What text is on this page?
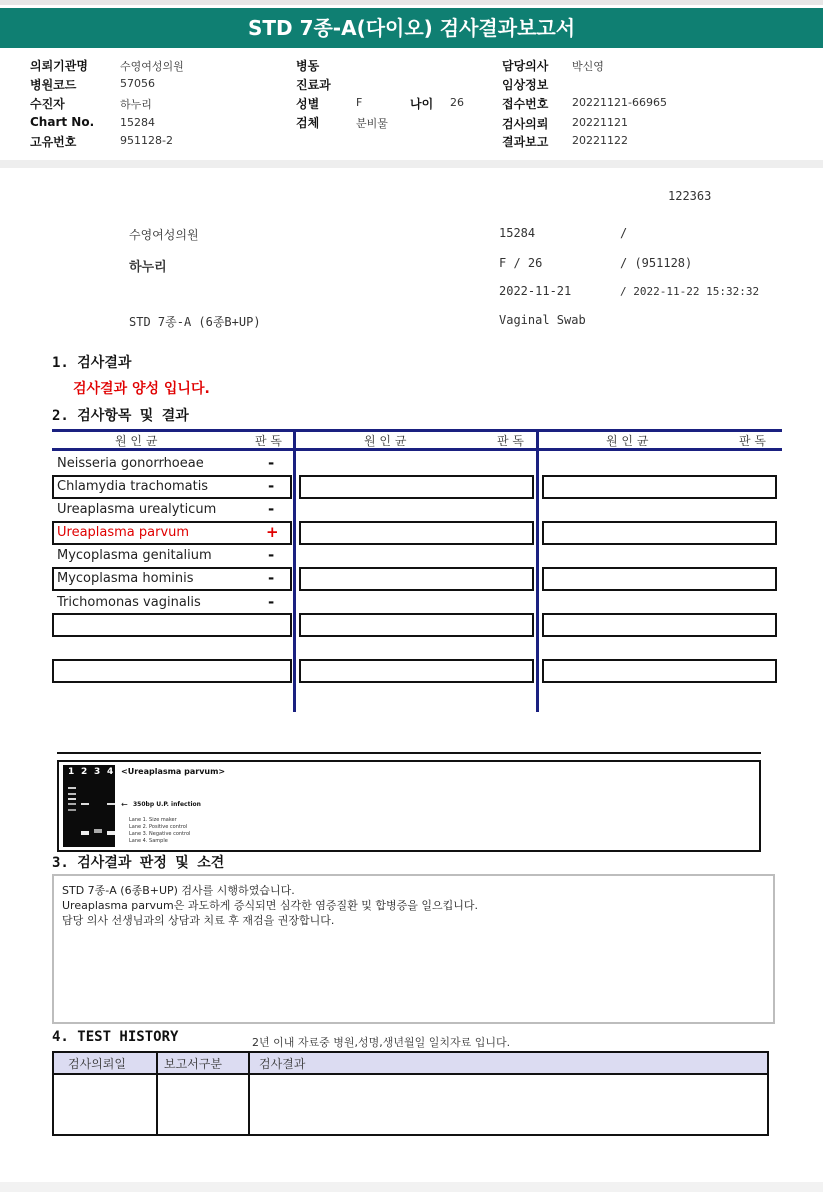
STD 7종-A(다이오) 검사결과보고서
의뢰기관명	수영여성의원
병원코드	57056
수진자	하누리
Chart No. 15284
고유번호	951128-2
병동
진료과
성별	F	나이 26
검체	분비물
담당의사 박신영
임상정보
접수번호 20221121-66965
검사의뢰 20221121
결과보고 20221122
122363
수영여성의원	15284	/
하누리	F / 26	/ (951128)
2022-11-21	/ 2022-11-22 15:32:32
STD 7종-A (6종B+UP)	Vaginal Swab
1. 검사결과
검사결과 양성 입니다.
2. 검사항목 및 결과
원 인 균	판 독	원 인 균	판 독	원 인 균	판 독
Neisseria gonorrhoeae	-
Chlamydia trachomatis	-
Ureaplasma urealyticum	-
Ureaplasma parvum	+
Mycoplasma genitalium	-
Mycoplasma hominis	-
Trichomonas vaginalis	-
1 2 3 4 <Ureaplasma parvum>
← 350bp U.P. infection
Lane 1. Size maker
Lane 2. Positive control
Lane 3. Negative control
Lane 4. Sample
3. 검사결과 판정 및 소견
STD 7종-A (6종B+UP) 검사를 시행하였습니다.
Ureaplasma parvum은 과도하게 증식되면 심각한 염증질환 및 합병증을 일으킵니다.
담당 의사 선생님과의 상담과 치료 후 재검을 권장합니다.
4. TEST HISTORY	2년 이내 자료중 병원,성명,생년월일 일치자료 입니다.
검사의뢰일	보고서구분	검사결과
